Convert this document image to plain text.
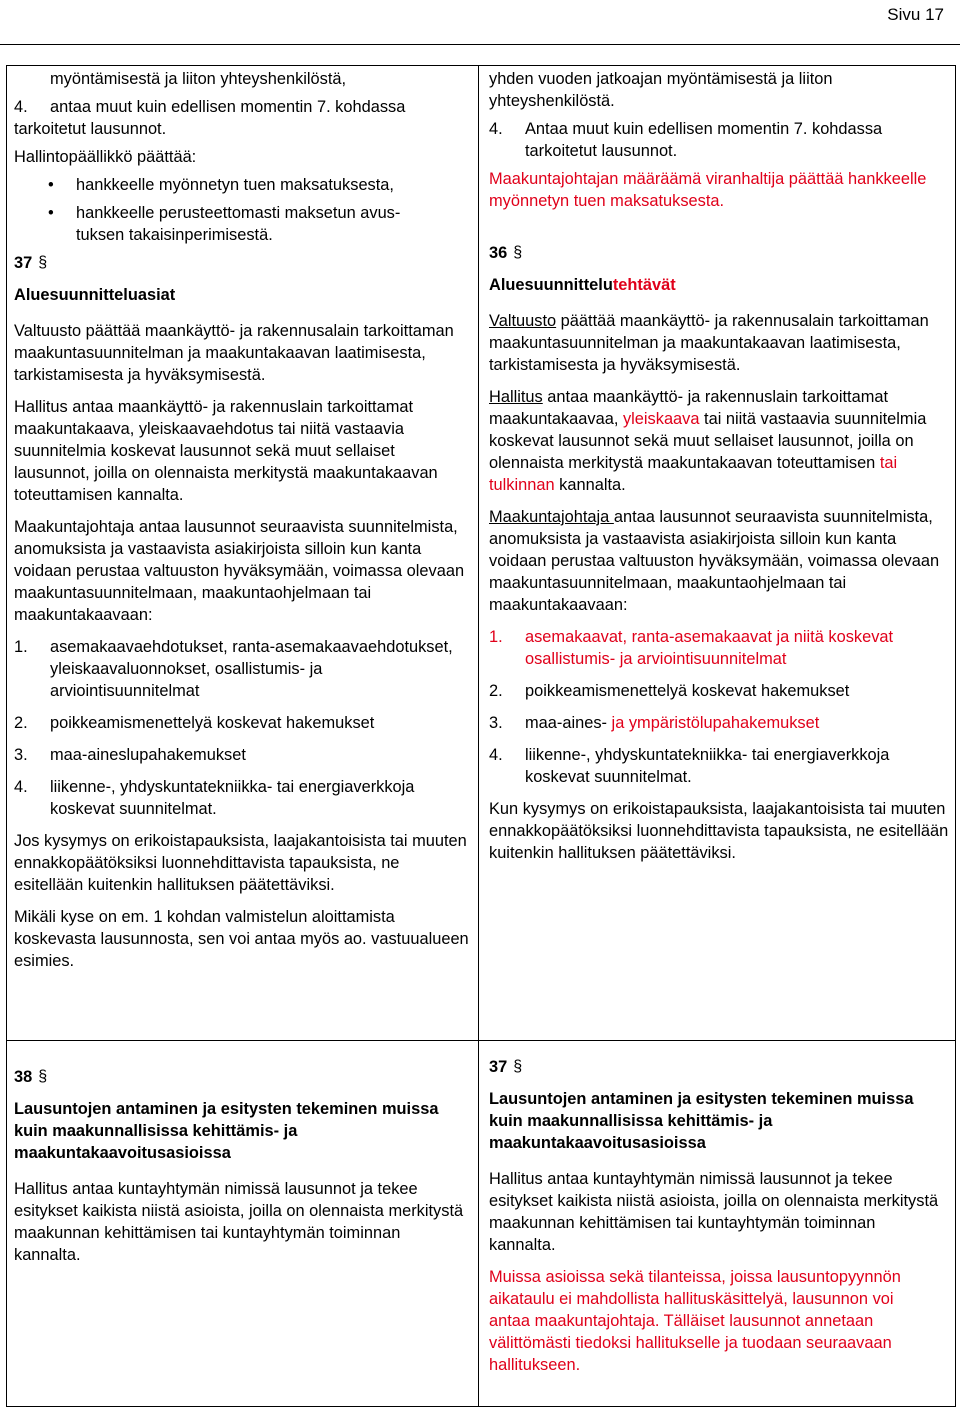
Sivu 17

myöntämisestä ja liiton yhteyshenkilöstä,

4.	antaa muut kuin edellisen momentin 7. kohdassa

tarkoitetut lausunnot.

Hallintopäällikkö päättää:

•	hankkeelle myönnetyn tuen maksatuksesta,
•	hankkeelle perusteettomasti maksetun avus-
tuksen takaisinperimisestä.
37 §

Aluesuunnitteluasiat

Valtuusto päättää maankäyttö- ja rakennusalain tarkoittaman maakuntasuunnitelman ja maakuntakaavan laatimisesta, tarkistamisesta ja hyväksymisestä.

Hallitus antaa maankäyttö- ja rakennuslain tarkoittamat maakuntakaava, yleiskaavaehdotus tai niitä vastaavia suunnitelmia koskevat lausunnot sekä muut sellaiset lausunnot, joilla on olennaista merkitystä maakuntakaavan toteuttamisen kannalta.

Maakuntajohtaja antaa lausunnot seuraavista suunnitelmista, anomuksista ja vastaavista asiakirjoista silloin kun kanta voidaan perustaa valtuuston hyväksymään, voimassa olevaan maakuntasuunnitelmaan, maakuntaohjelmaan tai maakuntakaavaan:

1.	asemakaavaehdotukset, ranta-asemakaavaehdotukset, yleiskaavaluonnokset, osallistumis- ja arviointisuunnitelmat
2.	poikkeamismenettelyä koskevat hakemukset
3.	maa-aineslupahakemukset
4.	liikenne-, yhdyskuntatekniikka- tai energiaverkkoja koskevat suunnitelmat.

Jos kysymys on erikoistapauksista, laajakantoisista tai muuten ennakkopäätöksiksi luonnehdittavista tapauksista, ne esitellään kuitenkin hallituksen päätettäviksi.

Mikäli kyse on em. 1 kohdan valmistelun aloittamista koskevasta lausunnosta, sen voi antaa myös ao. vastuualueen esimies.

yhden vuoden jatkoajan myöntämisestä ja liiton yhteyshenkilöstä.

4.	Antaa muut kuin edellisen momentin 7. kohdassa

tarkoitetut lausunnot.

Maakuntajohtajan määräämä viranhaltija päättää hankkeelle myönnetyn tuen maksatuksesta.

36 §

Aluesuunnittelutehtävät

Valtuusto päättää maankäyttö- ja rakennusalain tarkoittaman maakuntasuunnitelman ja maakuntakaavan laatimisesta, tarkistamisesta ja hyväksymisestä.

Hallitus antaa maankäyttö- ja rakennuslain tarkoittamat maakuntakaavaa, yleiskaava tai niitä vastaavia suunnitelmia koskevat lausunnot sekä muut sellaiset lausunnot, joilla on olennaista merkitystä maakuntakaavan toteuttamisen tai tulkinnan kannalta.

Maakuntajohtaja antaa lausunnot seuraavista suunnitelmista, anomuksista ja vastaavista asiakirjoista silloin kun kanta voidaan perustaa valtuuston hyväksymään, voimassa olevaan maakuntasuunnitelmaan, maakuntaohjelmaan tai maakuntakaavaan:

1.	asemakaavat, ranta-asemakaavat ja niitä koskevat osallistumis- ja arviointisuunnitelmat
2.	poikkeamismenettelyä koskevat hakemukset
3.	maa-aines- ja ympäristölupahakemukset
4.	liikenne-, yhdyskuntatekniikka- tai energiaverkkoja koskevat suunnitelmat.

Kun kysymys on erikoistapauksista, laajakantoisista tai muuten ennakkopäätöksiksi luonnehdittavista tapauksista, ne esitellään kuitenkin hallituksen päätettäviksi.

38 §

Lausuntojen antaminen ja esitysten tekeminen muissa kuin maakunnallisissa kehittämis- ja maakuntakaavoitusasioissa

Hallitus antaa kuntayhtymän nimissä lausunnot ja tekee esitykset kaikista niistä asioista, joilla on olennaista merkitystä maakunnan kehittämisen tai kuntayhtymän toiminnan kannalta.

37 §

Lausuntojen antaminen ja esitysten tekeminen muissa kuin maakunnallisissa kehittämis- ja maakuntakaavoitusasioissa

Hallitus antaa kuntayhtymän nimissä lausunnot ja tekee esitykset kaikista niistä asioista, joilla on olennaista merkitystä maakunnan kehittämisen tai kuntayhtymän toiminnan kannalta.

Muissa asioissa sekä tilanteissa, joissa lausuntopyynnön aikataulu ei mahdollista hallituskäsittelyä, lausunnon voi antaa maakuntajohtaja. Tälläiset lausunnot annetaan välittömästi tiedoksi hallitukselle ja tuodaan seuraavaan hallitukseen.
